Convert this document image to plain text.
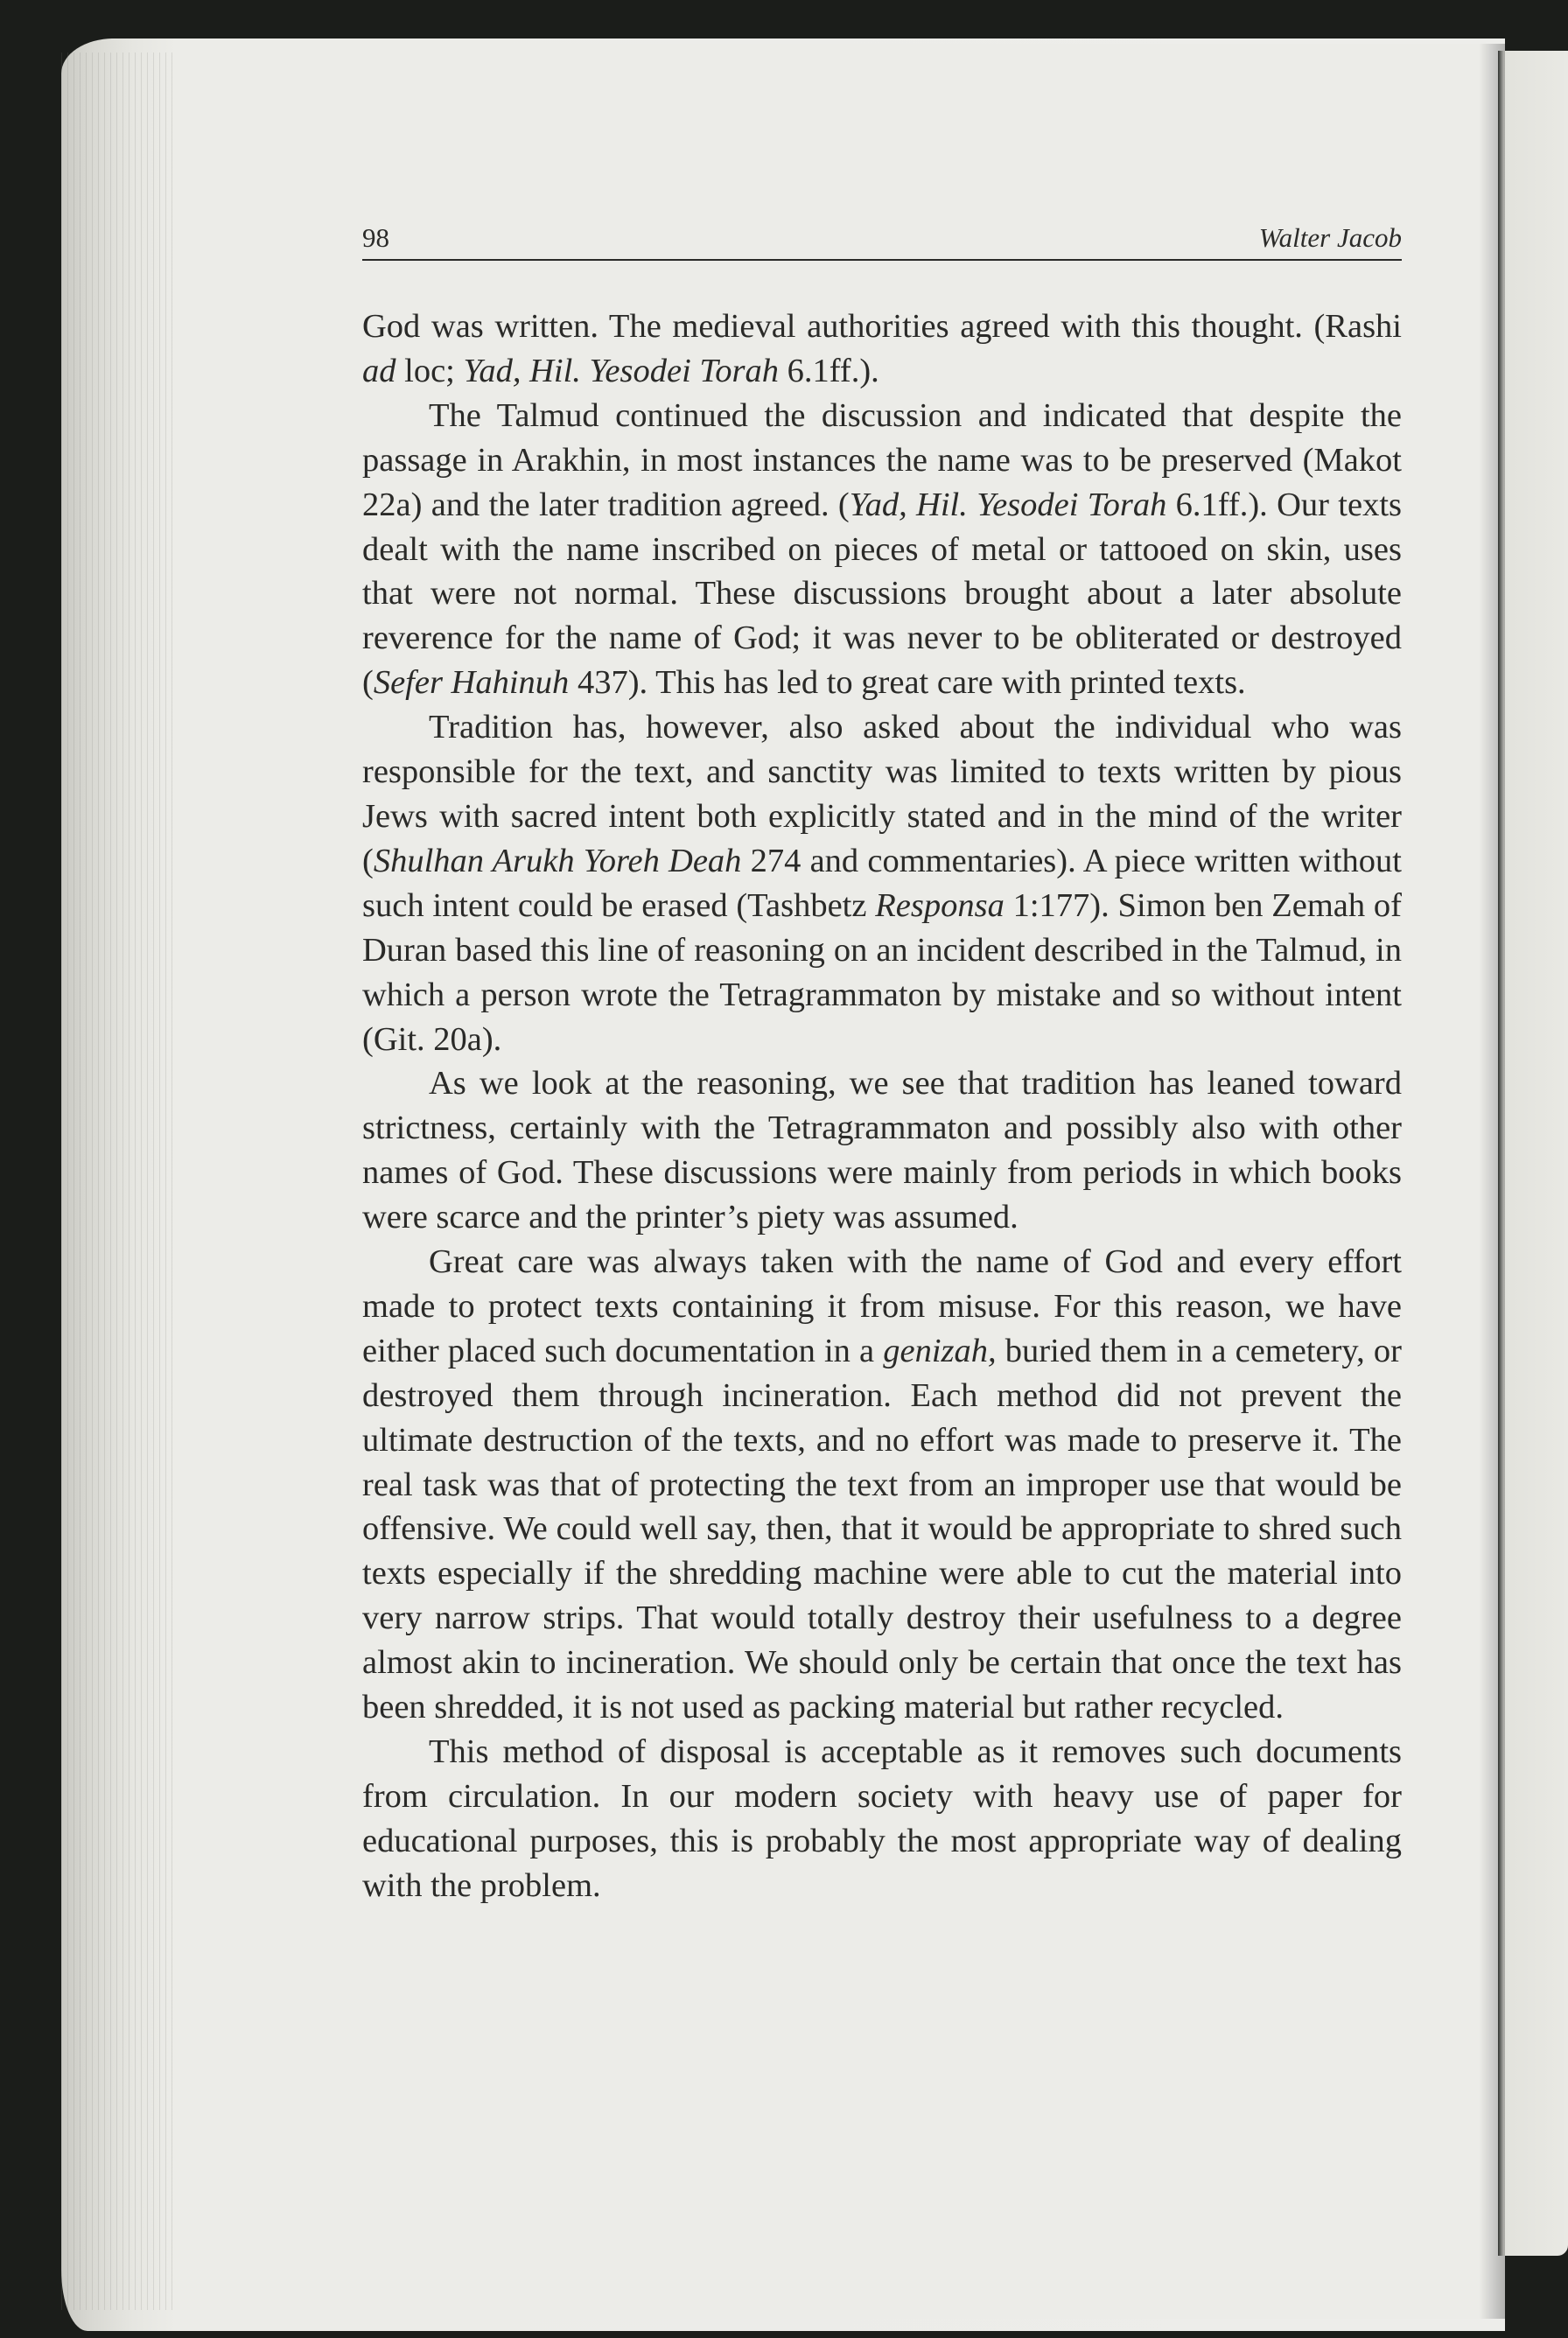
98	Walter Jacob

God was written. The medieval authorities agreed with this thought. (Rashi ad loc; Yad, Hil. Yesodei Torah 6.1ff.).

The Talmud continued the discussion and indicated that despite the passage in Arakhin, in most instances the name was to be preserved (Makot 22a) and the later tradition agreed. (Yad, Hil. Yesodei Torah 6.1ff.). Our texts dealt with the name inscribed on pieces of metal or tattooed on skin, uses that were not normal. These discussions brought about a later absolute reverence for the name of God; it was never to be obliterated or destroyed (Sefer Hahinuh 437). This has led to great care with printed texts.

Tradition has, however, also asked about the individual who was responsible for the text, and sanctity was limited to texts written by pious Jews with sacred intent both explicitly stated and in the mind of the writer (Shulhan Arukh Yoreh Deah 274 and commentaries). A piece written without such intent could be erased (Tashbetz Responsa 1:177). Simon ben Zemah of Duran based this line of reasoning on an incident described in the Talmud, in which a person wrote the Tetragrammaton by mistake and so without intent (Git. 20a).

As we look at the reasoning, we see that tradition has leaned toward strictness, certainly with the Tetragrammaton and possibly also with other names of God. These discussions were mainly from periods in which books were scarce and the printer’s piety was assumed.

Great care was always taken with the name of God and every effort made to protect texts containing it from misuse. For this reason, we have either placed such documentation in a genizah, buried them in a cemetery, or destroyed them through incineration. Each method did not prevent the ultimate destruction of the texts, and no effort was made to preserve it. The real task was that of protecting the text from an improper use that would be offensive. We could well say, then, that it would be appropriate to shred such texts especially if the shredding machine were able to cut the material into very narrow strips. That would totally destroy their usefulness to a degree almost akin to incineration. We should only be certain that once the text has been shredded, it is not used as packing material but rather recycled.

This method of disposal is acceptable as it removes such documents from circulation. In our modern society with heavy use of paper for educational purposes, this is probably the most appropriate way of dealing with the problem.
